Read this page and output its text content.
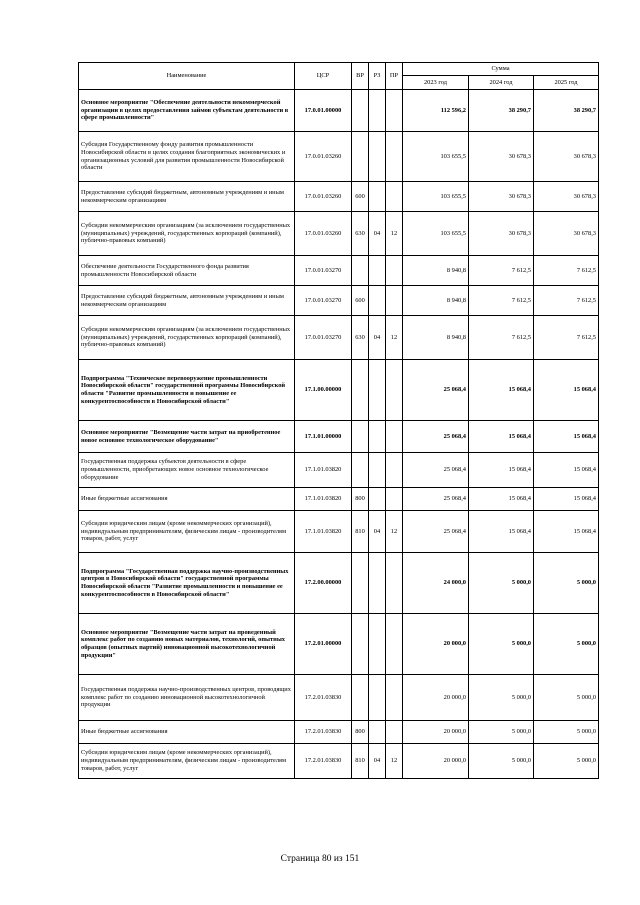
Наименование	ЦСР	ВР	РЗ	ПР	Сумма		
					2023 год	2024 год	2025 год
Основное мероприятие "Обеспечение деятельности некоммерческой организации в целях предоставления займов субъектам деятельности в сфере промышленности"	17.0.01.00000				112 596,2	38 290,7	38 290,7
Субсидия Государственному фонду развития промышленности Новосибирской области в целях создания благоприятных экономических и организационных условий для развития промышленности Новосибирской области	17.0.01.03260				103 655,5	30 678,3	30 678,3
Предоставление субсидий бюджетным, автономным учреждениям и иным некоммерческим организациям	17.0.01.03260	600			103 655,5	30 678,3	30 678,3
Субсидии некоммерческим организациям (за исключением государственных (муниципальных) учреждений, государственных корпораций (компаний), публично-правовых компаний)	17.0.01.03260	630	04	12	103 655,5	30 678,3	30 678,3
Обеспечение деятельности Государственного фонда развития промышленности Новосибирской области	17.0.01.03270				8 940,8	7 612,5	7 612,5
Предоставление субсидий бюджетным, автономным учреждениям и иным некоммерческим организациям	17.0.01.03270	600			8 940,8	7 612,5	7 612,5
Субсидии некоммерческим организациям (за исключением государственных (муниципальных) учреждений, государственных корпораций (компаний), публично-правовых компаний)	17.0.01.03270	630	04	12	8 940,8	7 612,5	7 612,5
Подпрограмма "Техническое перевооружение промышленности Новосибирской области" государственной программы Новосибирской области "Развитие промышленности и повышение ее конкурентоспособности в Новосибирской области"	17.1.00.00000				25 068,4	15 068,4	15 068,4
Основное мероприятие "Возмещение части затрат на приобретенное новое основное технологическое оборудование"	17.1.01.00000				25 068,4	15 068,4	15 068,4
Государственная поддержка субъектов деятельности в сфере промышленности, приобретающих новое основное технологическое оборудование	17.1.01.03820				25 068,4	15 068,4	15 068,4
Иные бюджетные ассигнования	17.1.01.03820	800			25 068,4	15 068,4	15 068,4
Субсидии юридическим лицам (кроме некоммерческих организаций), индивидуальным предпринимателям, физическим лицам - производителям товаров, работ, услуг	17.1.01.03820	810	04	12	25 068,4	15 068,4	15 068,4
Подпрограмма "Государственная поддержка научно-производственных центров в Новосибирской области" государственной программы Новосибирской области "Развитие промышленности и повышение ее конкурентоспособности в Новосибирской области"	17.2.00.00000				24 000,0	5 000,0	5 000,0
Основное мероприятие "Возмещение части затрат на проведенный комплекс работ по созданию новых материалов, технологий, опытных образцов (опытных партий) инновационной высокотехнологичной продукции"	17.2.01.00000				20 000,0	5 000,0	5 000,0
Государственная поддержка научно-производственных центров, проводящих комплекс работ по созданию инновационной высокотехнологичной продукции	17.2.01.03830				20 000,0	5 000,0	5 000,0
Иные бюджетные ассигнования	17.2.01.03830	800			20 000,0	5 000,0	5 000,0
Субсидии юридическим лицам (кроме некоммерческих организаций), индивидуальным предпринимателям, физическим лицам - производителям товаров, работ, услуг	17.2.01.03830	810	04	12	20 000,0	5 000,0	5 000,0
Страница 80 из 151
